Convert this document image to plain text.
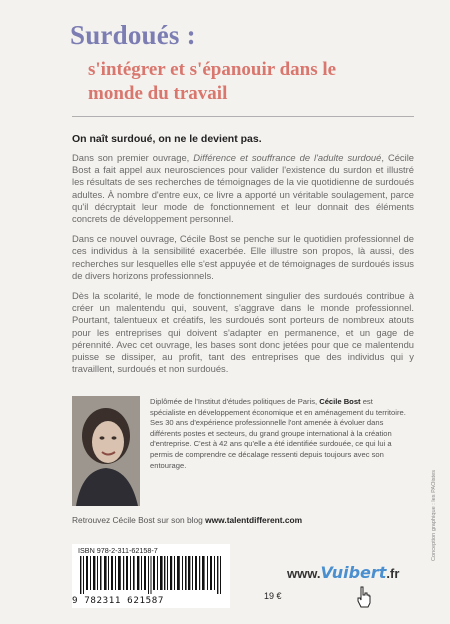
Surdoués :
s'intégrer et s'épanouir dans le monde du travail
On naît surdoué, on ne le devient pas.

Dans son premier ouvrage, Différence et souffrance de l'adulte surdoué, Cécile Bost a fait appel aux neurosciences pour valider l'existence du surdon et illustré les résultats de ses recherches de témoignages de la vie quotidienne de surdoués adultes. À nombre d'entre eux, ce livre a apporté un véritable soulagement, parce qu'il décryptait leur mode de fonctionnement et leur donnait des éléments concrets de développement personnel.

Dans ce nouvel ouvrage, Cécile Bost se penche sur le quotidien professionnel de ces individus à la sensibilité exacerbée. Elle illustre son propos, là aussi, des recherches sur lesquelles elle s'est appuyée et de témoignages de surdoués issus de divers horizons professionnels.

Dès la scolarité, le mode de fonctionnement singulier des surdoués contribue à créer un malentendu qui, souvent, s'aggrave dans le monde professionnel. Pourtant, talentueux et créatifs, les surdoués sont porteurs de nombreux atouts pour les entreprises qui doivent s'adapter en permanence, et un gage de pérennité. Avec cet ouvrage, les bases sont donc jetées pour que ce malentendu puisse se dissiper, au profit, tant des entreprises que des individus qui y travaillent, surdoués et non surdoués.

Diplômée de l'Institut d'études politiques de Paris, Cécile Bost est spécialiste en développement économique et en aménagement du territoire. Ses 30 ans d'expérience professionnelle l'ont amenée à évoluer dans différents postes et secteurs, du grand groupe international à la création d'entreprise. C'est à 42 ans qu'elle a été identifiée surdouée, ce qui lui a permis de comprendre ce décalage ressenti depuis toujours avec son entourage.
Retrouvez Cécile Bost sur son blog www.talentdifferent.com	Conception graphique : les PAOistes
ISBN 978-2-311-62158-7
9 782311 621587	19 €
www. Vuibert .fr
